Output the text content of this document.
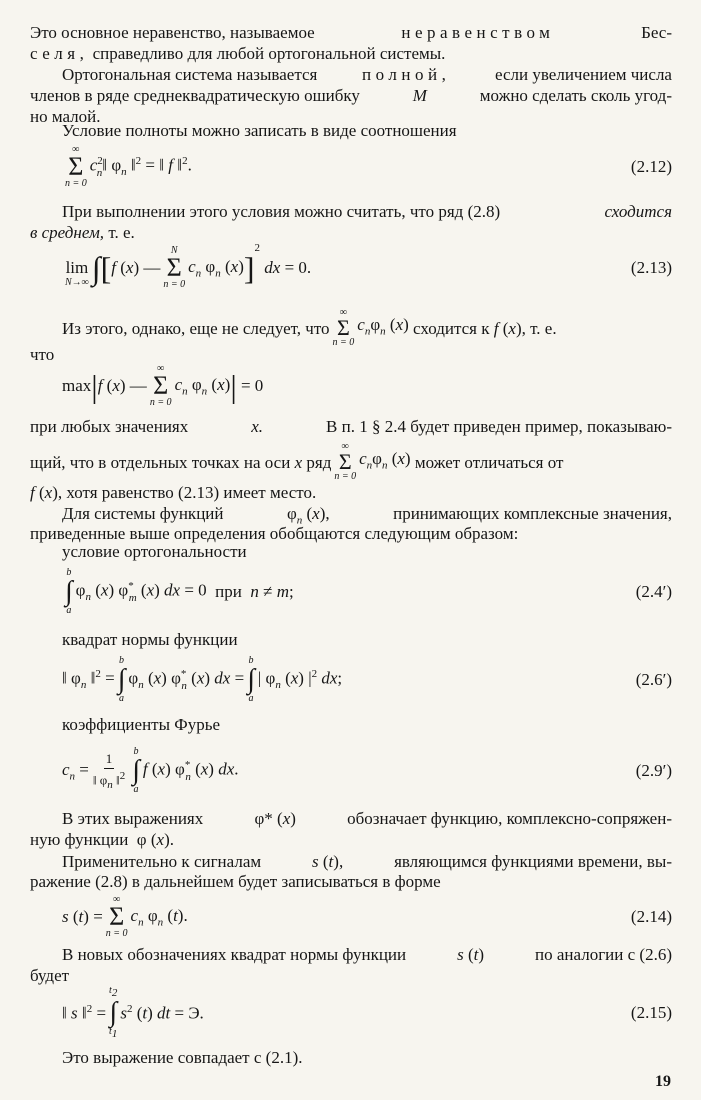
Это основное неравенство, называемое	неравенством	Бес-
селя,
справедливо для любой ортогональной системы.
Ортогональная система называется	полной,	если увеличением числа
членов в ряде среднеквадратическую ошибку	M	можно сделать сколь угод-
но малой.
Условие полноты можно записать в виде соотношения
∞
Σ
n = 0
$c^2_n‖$ $\varphi_n$ ‖$^2$ = ‖ f ‖$^2$.	(2.12)
При выполнении этого условия можно считать, что ряд (2.8)	сходится
в среднем,
т. е.

lim
N→∞ ∫ [ f (x) —
N
Σ
n = 0
$c_n$ $\varphi_n$ (x) ]
$^2$
dx = 0.	(2.13)
Из этого, однако, еще не следует, что
∞
Σ
n = 0
$c_n\varphi_n$ (x) сходится к f (x), т. е.
что
max | f (x) —
∞
Σ
n = 0
$c_n$ $\varphi_n$ (x) | = 0
при любых значениях	x.	В п. 1 § 2.4 будет приведен пример, показываю-
щий, что в отдельных точках на оси x ряд
∞
Σ
n = 0
$c_n\varphi_n$ (x) может отличаться от
f (x), хотя равенство (2.13) имеет место.
Для системы функций	$\varphi_n$ (x),	принимающих комплексные значения,
приведенные выше определения обобщаются следующим образом:
условие ортогональности
b
∫
a
$\varphi_n$ (x) $\varphi^*_m$ (x) dx = 0 при n ≠ m;	(2.4′)
квадрат нормы функции
‖ $\varphi_n$ ‖$^2$ =
b
∫
a
$\varphi_n$ (x) $\varphi^*_n$ (x) dx =
b
∫
a
| $\varphi_n$ (x) $|^2$ dx;	(2.6′)
коэффициенты Фурье
$c_n = \frac{1}{‖ \varphi_n ‖^2}$ b
∫
a
f (x) $\varphi^*_n$ (x) dx.	(2.9′)
В этих выражениях	φ* (x)	обозначает функцию, комплексно-сопряжен-
ную функции φ (x).
Применительно к сигналам	s (t),	являющимся функциями времени, вы-
ражение (2.8) в дальнейшем будет записываться в форме
s (t) =
∞
Σ
n = 0
$c_n$ $\varphi_n$ (t).	(2.14)
В новых обозначениях квадрат нормы функции	s (t)	по аналогии с (2.6)
будет
‖ s ‖$^2$ =
$t_2$
∫
$t_1$
$s^2$ (t) dt = Э.	(2.15)
Это выражение совпадает с (2.1).
19
